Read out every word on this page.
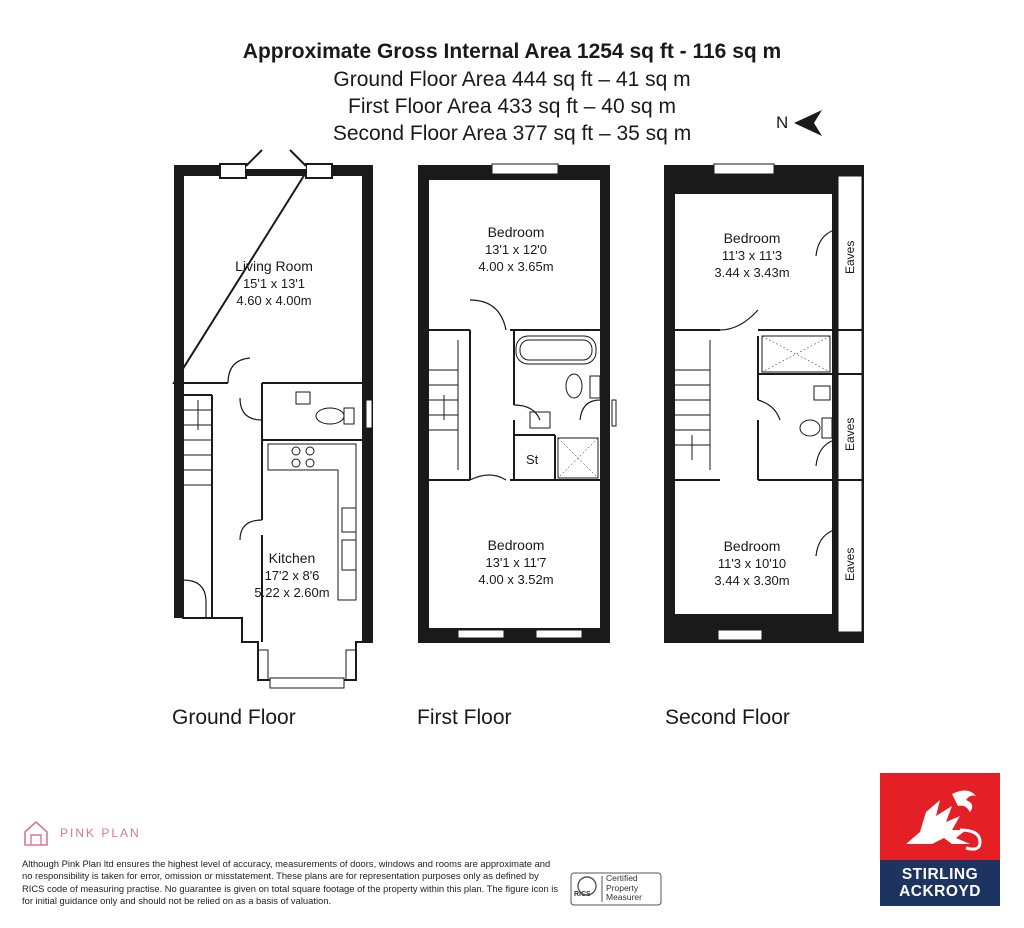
Approximate Gross Internal Area 1254 sq ft - 116 sq m
Ground Floor Area 444 sq ft – 41 sq m
First Floor Area 433 sq ft – 40 sq m
Second Floor Area 377 sq ft – 35 sq m	N
Living Room
15'1 x 13'1
4.60 x 4.00m
Kitchen
17'2 x 8'6
5.22 x 2.60m
Ground Floor
Bedroom
13'1 x 12'0
4.00 x 3.65m
Bedroom
13'1 x 11'7
4.00 x 3.52m
St
First Floor
Bedroom
11'3 x 11'3
3.44 x 3.43m
Bedroom
11'3 x 10'10
3.44 x 3.30m
Eaves
Eaves
Eaves
Second Floor
PINK PLAN
Although Pink Plan ltd ensures the highest level of accuracy, measurements of doors, windows and rooms are approximate and no responsibility is taken for error, omission or misstatement. These plans are for representation purposes only as defined by RICS code of measuring practise. No guarantee is given on total square footage of the property within this plan. The figure icon is for initial guidance only and should not be relied on as a basis of valuation.
RICS
Certified
Property
Measurer
STIRLING
ACKROYD
